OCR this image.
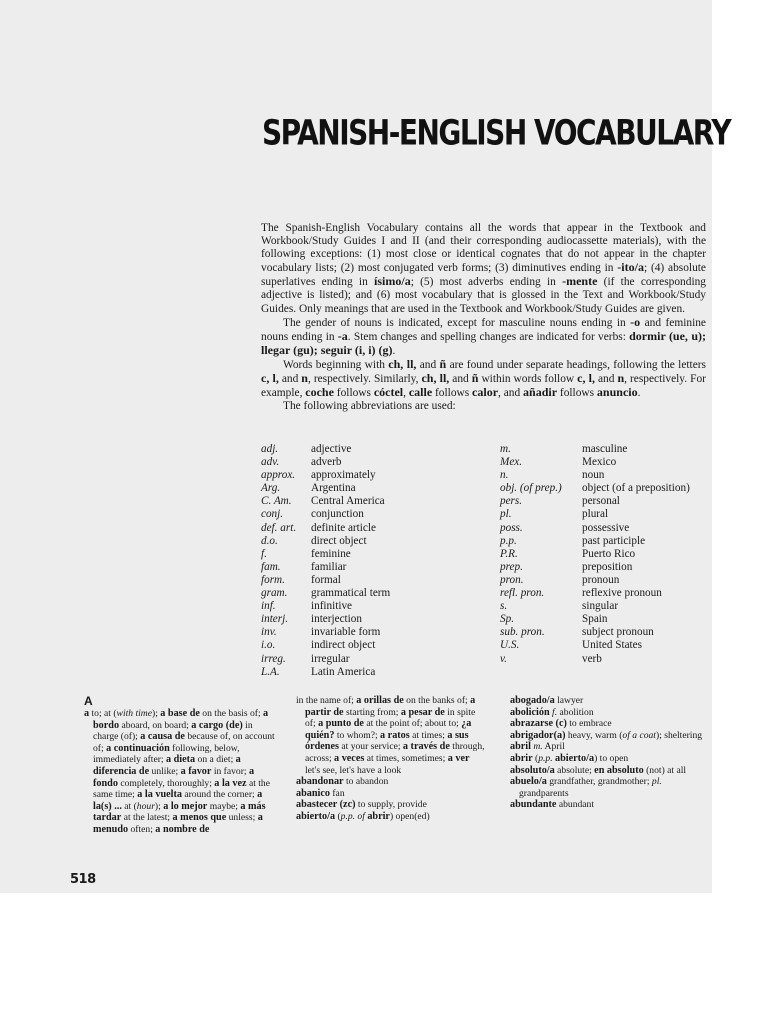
SPANISH-ENGLISH VOCABULARY

The Spanish-English Vocabulary contains all the words that appear in the Textbook and Workbook/Study Guides I and II (and their corresponding audiocassette materials), with the following exceptions: (1) most close or identical cognates that do not appear in the chapter vocabulary lists; (2) most conjugated verb forms; (3) diminutives ending in -ito/a; (4) absolute superlatives ending in ísimo/a; (5) most adverbs ending in -mente (if the corresponding adjective is listed); and (6) most vocabulary that is glossed in the Text and Workbook/Study Guides. Only meanings that are used in the Textbook and Workbook/Study Guides are given.

The gender of nouns is indicated, except for masculine nouns ending in -o and feminine nouns ending in -a. Stem changes and spelling changes are indicated for verbs: dormir (ue, u); llegar (gu); seguir (i, i) (g).

Words beginning with ch, ll, and ñ are found under separate headings, following the letters c, l, and n, respectively. Similarly, ch, ll, and ñ within words follow c, l, and n, respectively. For example, coche follows cóctel, calle follows calor, and añadir follows anuncio.

The following abbreviations are used:

adj.	adjective
adv.	adverb
approx.	approximately
Arg.	Argentina
C. Am.	Central America
conj.	conjunction
def. art.	definite article
d.o.	direct object
f.	feminine
fam.	familiar
form.	formal
gram.	grammatical term
inf.	infinitive
interj.	interjection
inv.	invariable form
i.o.	indirect object
irreg.	irregular
L.A.	Latin America
m.	masculine
Mex.	Mexico
n.	noun
obj. (of prep.)	object (of a preposition)
pers.	personal
pl.	plural
poss.	possessive
p.p.	past participle
P.R.	Puerto Rico
prep.	preposition
pron.	pronoun
refl. pron.	reflexive pronoun
s.	singular
Sp.	Spain
sub. pron.	subject pronoun
U.S.	United States
v.	verb
A

a to; at (with time); a base de on the basis of; a bordo aboard, on board; a cargo (de) in charge (of); a causa de because of, on account of; a continuación following, below, immediately after; a dieta on a diet; a diferencia de unlike; a favor in favor; a fondo completely, thoroughly; a la vez at the same time; a la vuelta around the corner; a la(s) ... at (hour); a lo mejor maybe; a más tardar at the latest; a menos que unless; a menudo often; a nombre de

in the name of; a orillas de on the banks of; a partir de starting from; a pesar de in spite of; a punto de at the point of; about to; ¿a quién? to whom?; a ratos at times; a sus órdenes at your service; a través de through, across; a veces at times, sometimes; a ver let's see, let's have a look

abandonar to abandon

abanico fan

abastecer (zc) to supply, provide

abierto/a (p.p. of abrir) open(ed)

abogado/a lawyer

abolición f. abolition

abrazarse (c) to embrace

abrigador(a) heavy, warm (of a coat); sheltering

abril m. April

abrir (p.p. abierto/a) to open

absoluto/a absolute; en absoluto (not) at all

abuelo/a grandfather, grandmother; pl. grandparents

abundante abundant

518
